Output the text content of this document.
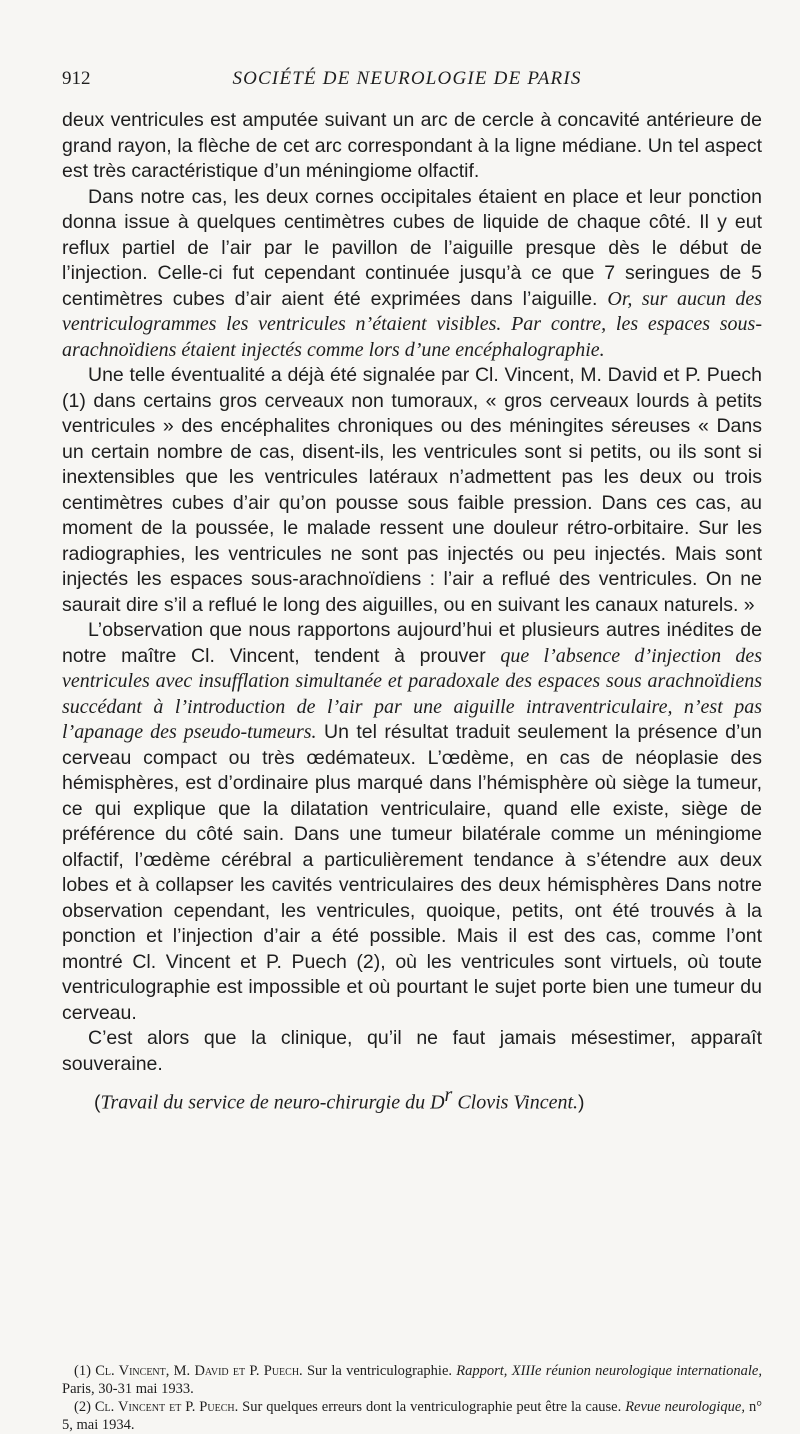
912	SOCIÉTÉ DE NEUROLOGIE DE PARIS

deux ventricules est amputée suivant un arc de cercle à concavité antérieure de grand rayon, la flèche de cet arc correspondant à la ligne médiane. Un tel aspect est très caractéristique d’un méningiome olfactif.

Dans notre cas, les deux cornes occipitales étaient en place et leur ponction donna issue à quelques centimètres cubes de liquide de chaque côté. Il y eut reflux partiel de l’air par le pavillon de l’aiguille presque dès le début de l’injection. Celle-ci fut cependant continuée jusqu’à ce que 7 seringues de 5 centimètres cubes d’air aient été exprimées dans l’aiguille. Or, sur aucun des ventriculogrammes les ventricules n’étaient visibles. Par contre, les espaces sous-arachnoïdiens étaient injectés comme lors d’une encéphalographie.

Une telle éventualité a déjà été signalée par Cl. Vincent, M. David et P. Puech (1) dans certains gros cerveaux non tumoraux, « gros cerveaux lourds à petits ventricules » des encéphalites chroniques ou des méningites séreuses « Dans un certain nombre de cas, disent-ils, les ventricules sont si petits, ou ils sont si inextensibles que les ventricules latéraux n’admettent pas les deux ou trois centimètres cubes d’air qu’on pousse sous faible pression. Dans ces cas, au moment de la poussée, le malade ressent une douleur rétro-orbitaire. Sur les radiographies, les ventricules ne sont pas injectés ou peu injectés. Mais sont injectés les espaces sous-arachnoïdiens : l’air a reflué des ventricules. On ne saurait dire s’il a reflué le long des aiguilles, ou en suivant les canaux naturels. »

L’observation que nous rapportons aujourd’hui et plusieurs autres inédites de notre maître Cl. Vincent, tendent à prouver que l’absence d’injection des ventricules avec insufflation simultanée et paradoxale des espaces sous arachnoïdiens succédant à l’introduction de l’air par une aiguille intraventriculaire, n’est pas l’apanage des pseudo-tumeurs. Un tel résultat traduit seulement la présence d’un cerveau compact ou très œdémateux. L’œdème, en cas de néoplasie des hémisphères, est d’ordinaire plus marqué dans l’hémisphère où siège la tumeur, ce qui explique que la dilatation ventriculaire, quand elle existe, siège de préférence du côté sain. Dans une tumeur bilatérale comme un méningiome olfactif, l’œdème cérébral a particulièrement tendance à s’étendre aux deux lobes et à collapser les cavités ventriculaires des deux hémisphères Dans notre observation cependant, les ventricules, quoique, petits, ont été trouvés à la ponction et l’injection d’air a été possible. Mais il est des cas, comme l’ont montré Cl. Vincent et P. Puech (2), où les ventricules sont virtuels, où toute ventriculographie est impossible et où pourtant le sujet porte bien une tumeur du cerveau.

C’est alors que la clinique, qu’il ne faut jamais mésestimer, apparaît souveraine.

(Travail du service de neuro-chirurgie du $D^r$ Clovis Vincent.)

(1) Cl. Vincent, M. David et P. Puech. Sur la ventriculographie. Rapport, XIIIe réunion neurologique internationale, Paris, 30-31 mai 1933.

(2) Cl. Vincent et P. Puech. Sur quelques erreurs dont la ventriculographie peut être la cause. Revue neurologique, n° 5, mai 1934.
